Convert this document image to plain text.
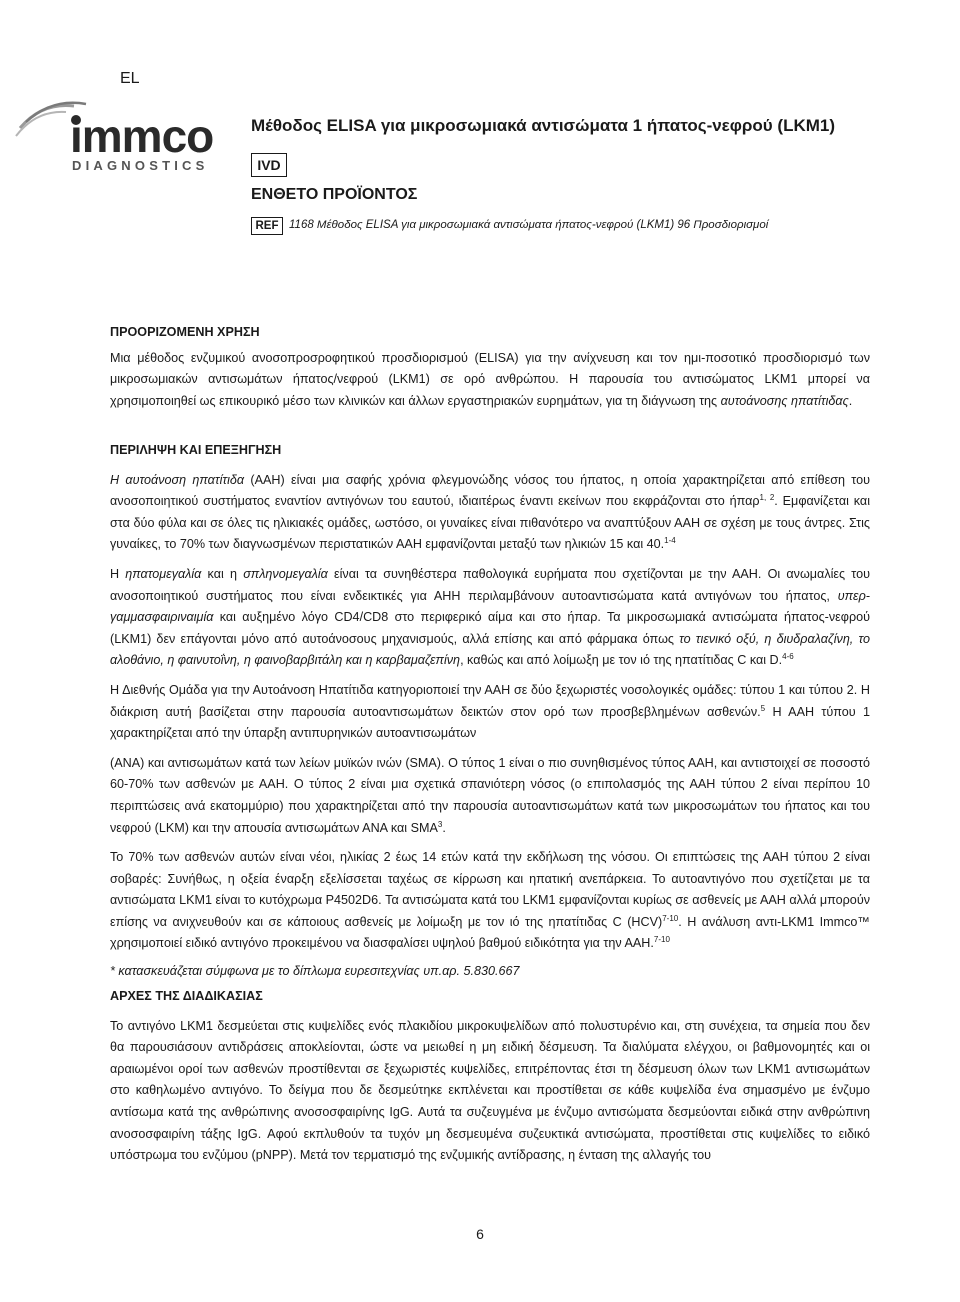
EL
immco
DIAGNOSTICS
Μέθοδος ELISA για μικροσωμιακά αντισώματα 1 ήπατος-νεφρού (LKM1)
IVD
ΕΝΘΕΤΟ ΠΡΟΪΟΝΤΟΣ
REF 1168 Μέθοδος ELISA για μικροσωμιακά αντισώματα ήπατος-νεφρού (LKM1) 96 Προσδιορισμοί
ΠΡΟΟΡΙΖΟΜΕΝΗ ΧΡΗΣΗ

Μια μέθοδος ενζυμικού ανοσοπροσροφητικού προσδιορισμού (ELISA) για την ανίχνευση και τον ημι-ποσοτικό προσδιορισμό των μικροσωμιακών αντισωμάτων ήπατος/νεφρού (LKM1) σε ορό ανθρώπου. Η παρουσία του αντισώματος LKM1 μπορεί να χρησιμοποιηθεί ως επικουρικό μέσο των κλινικών και άλλων εργαστηριακών ευρημάτων, για τη διάγνωση της αυτοάνοσης ηπατίτιδας.

ΠΕΡΙΛΗΨΗ ΚΑΙ ΕΠΕΞΗΓΗΣΗ

Η αυτοάνοση ηπατίτιδα (ΑΑΗ) είναι μια σαφής χρόνια φλεγμονώδης νόσος του ήπατος, η οποία χαρακτηρίζεται από επίθεση του ανοσοποιητικού συστήματος εναντίον αντιγόνων του εαυτού, ιδιαιτέρως έναντι εκείνων που εκφράζονται στο ήπαρ$^{1, 2}$. Εμφανίζεται και στα δύο φύλα και σε όλες τις ηλικιακές ομάδες, ωστόσο, οι γυναίκες είναι πιθανότερο να αναπτύξουν ΑΑΗ σε σχέση με τους άντρες. Στις γυναίκες, το 70% των διαγνωσμένων περιστατικών ΑΑΗ εμφανίζονται μεταξύ των ηλικιών 15 και 40.$^{1-4}$

Η ηπατομεγαλία και η σπληνομεγαλία είναι τα συνηθέστερα παθολογικά ευρήματα που σχετίζονται με την ΑΑΗ. Οι ανωμαλίες του ανοσοποιητικού συστήματος που είναι ενδεικτικές για ΑΗΗ περιλαμβάνουν αυτοαντισώματα κατά αντιγόνων του ήπατος, υπερ-γαμμασφαιριναιμία και αυξημένο λόγο CD4/CD8 στο περιφερικό αίμα και στο ήπαρ. Τα μικροσωμιακά αντισώματα ήπατος-νεφρού (LKM1) δεν επάγονται μόνο από αυτοάνοσους μηχανισμούς, αλλά επίσης και από φάρμακα όπως το τιενικό οξύ, η διυδραλαζίνη, το αλοθάνιο, η φαινυτοΐνη, η φαινοβαρβιτάλη και η καρβαμαζεπίνη, καθώς και από λοίμωξη με τον ιό της ηπατίτιδας C και D.$^{4-6}$

Η Διεθνής Ομάδα για την Αυτοάνοση Ηπατίτιδα κατηγοριοποιεί την ΑΑΗ σε δύο ξεχωριστές νοσολογικές ομάδες: τύπου 1 και τύπου 2. Η διάκριση αυτή βασίζεται στην παρουσία αυτοαντισωμάτων δεικτών στον ορό των προσβεβλημένων ασθενών.$^5$ Η ΑΑΗ τύπου 1 χαρακτηρίζεται από την ύπαρξη αντιπυρηνικών αυτοαντισωμάτων

(ΑΝΑ) και αντισωμάτων κατά των λείων μυϊκών ινών (SMA). Ο τύπος 1 είναι ο πιο συνηθισμένος τύπος ΑΑΗ, και αντιστοιχεί σε ποσοστό 60-70% των ασθενών με ΑΑΗ. Ο τύπος 2 είναι μια σχετικά σπανιότερη νόσος (ο επιπολασμός της ΑΑΗ τύπου 2 είναι περίπου 10 περιπτώσεις ανά εκατομμύριο) που χαρακτηρίζεται από την παρουσία αυτοαντισωμάτων κατά των μικροσωμάτων του ήπατος και του νεφρού (LKM) και την απουσία αντισωμάτων ΑΝΑ και SMA$^3$.

Το 70% των ασθενών αυτών είναι νέοι, ηλικίας 2 έως 14 ετών κατά την εκδήλωση της νόσου. Οι επιπτώσεις της ΑΑΗ τύπου 2 είναι σοβαρές: Συνήθως, η οξεία έναρξη εξελίσσεται ταχέως σε κίρρωση και ηπατική ανεπάρκεια. Το αυτοαντιγόνο που σχετίζεται με τα αντισώματα LKM1 είναι το κυτόχρωμα P4502D6. Τα αντισώματα κατά του LKM1 εμφανίζονται κυρίως σε ασθενείς με ΑΑΗ αλλά μπορούν επίσης να ανιχνευθούν και σε κάποιους ασθενείς με λοίμωξη με τον ιό της ηπατίτιδας C (HCV)$^{7-10}$. Η ανάλυση αντι-LKM1 Immco™ χρησιμοποιεί ειδικό αντιγόνο προκειμένου να διασφαλίσει υψηλού βαθμού ειδικότητα για την ΑΑΗ.$^{7-10}$

* κατασκευάζεται σύμφωνα με το δίπλωμα ευρεσιτεχνίας υπ.αρ. 5.830.667

ΑΡΧΕΣ ΤΗΣ ΔΙΑΔΙΚΑΣΙΑΣ

Το αντιγόνο LKM1 δεσμεύεται στις κυψελίδες ενός πλακιδίου μικροκυψελίδων από πολυστυρένιο και, στη συνέχεια, τα σημεία που δεν θα παρουσιάσουν αντιδράσεις αποκλείονται, ώστε να μειωθεί η μη ειδική δέσμευση. Τα διαλύματα ελέγχου, οι βαθμονομητές και οι αραιωμένοι οροί των ασθενών προστίθενται σε ξεχωριστές κυψελίδες, επιτρέποντας έτσι τη δέσμευση όλων των LKM1 αντισωμάτων στο καθηλωμένο αντιγόνο. Το δείγμα που δε δεσμεύτηκε εκπλένεται και προστίθεται σε κάθε κυψελίδα ένα σημασμένο με ένζυμο αντίσωμα κατά της ανθρώπινης ανοσοσφαιρίνης IgG. Αυτά τα συζευγμένα με ένζυμο αντισώματα δεσμεύονται ειδικά στην ανθρώπινη ανοσοσφαιρίνη τάξης IgG. Αφού εκπλυθούν τα τυχόν μη δεσμευμένα συζευκτικά αντισώματα, προστίθεται στις κυψελίδες το ειδικό υπόστρωμα του ενζύμου (pNPP). Μετά τον τερματισμό της ενζυμικής αντίδρασης, η ένταση της αλλαγής του

6
